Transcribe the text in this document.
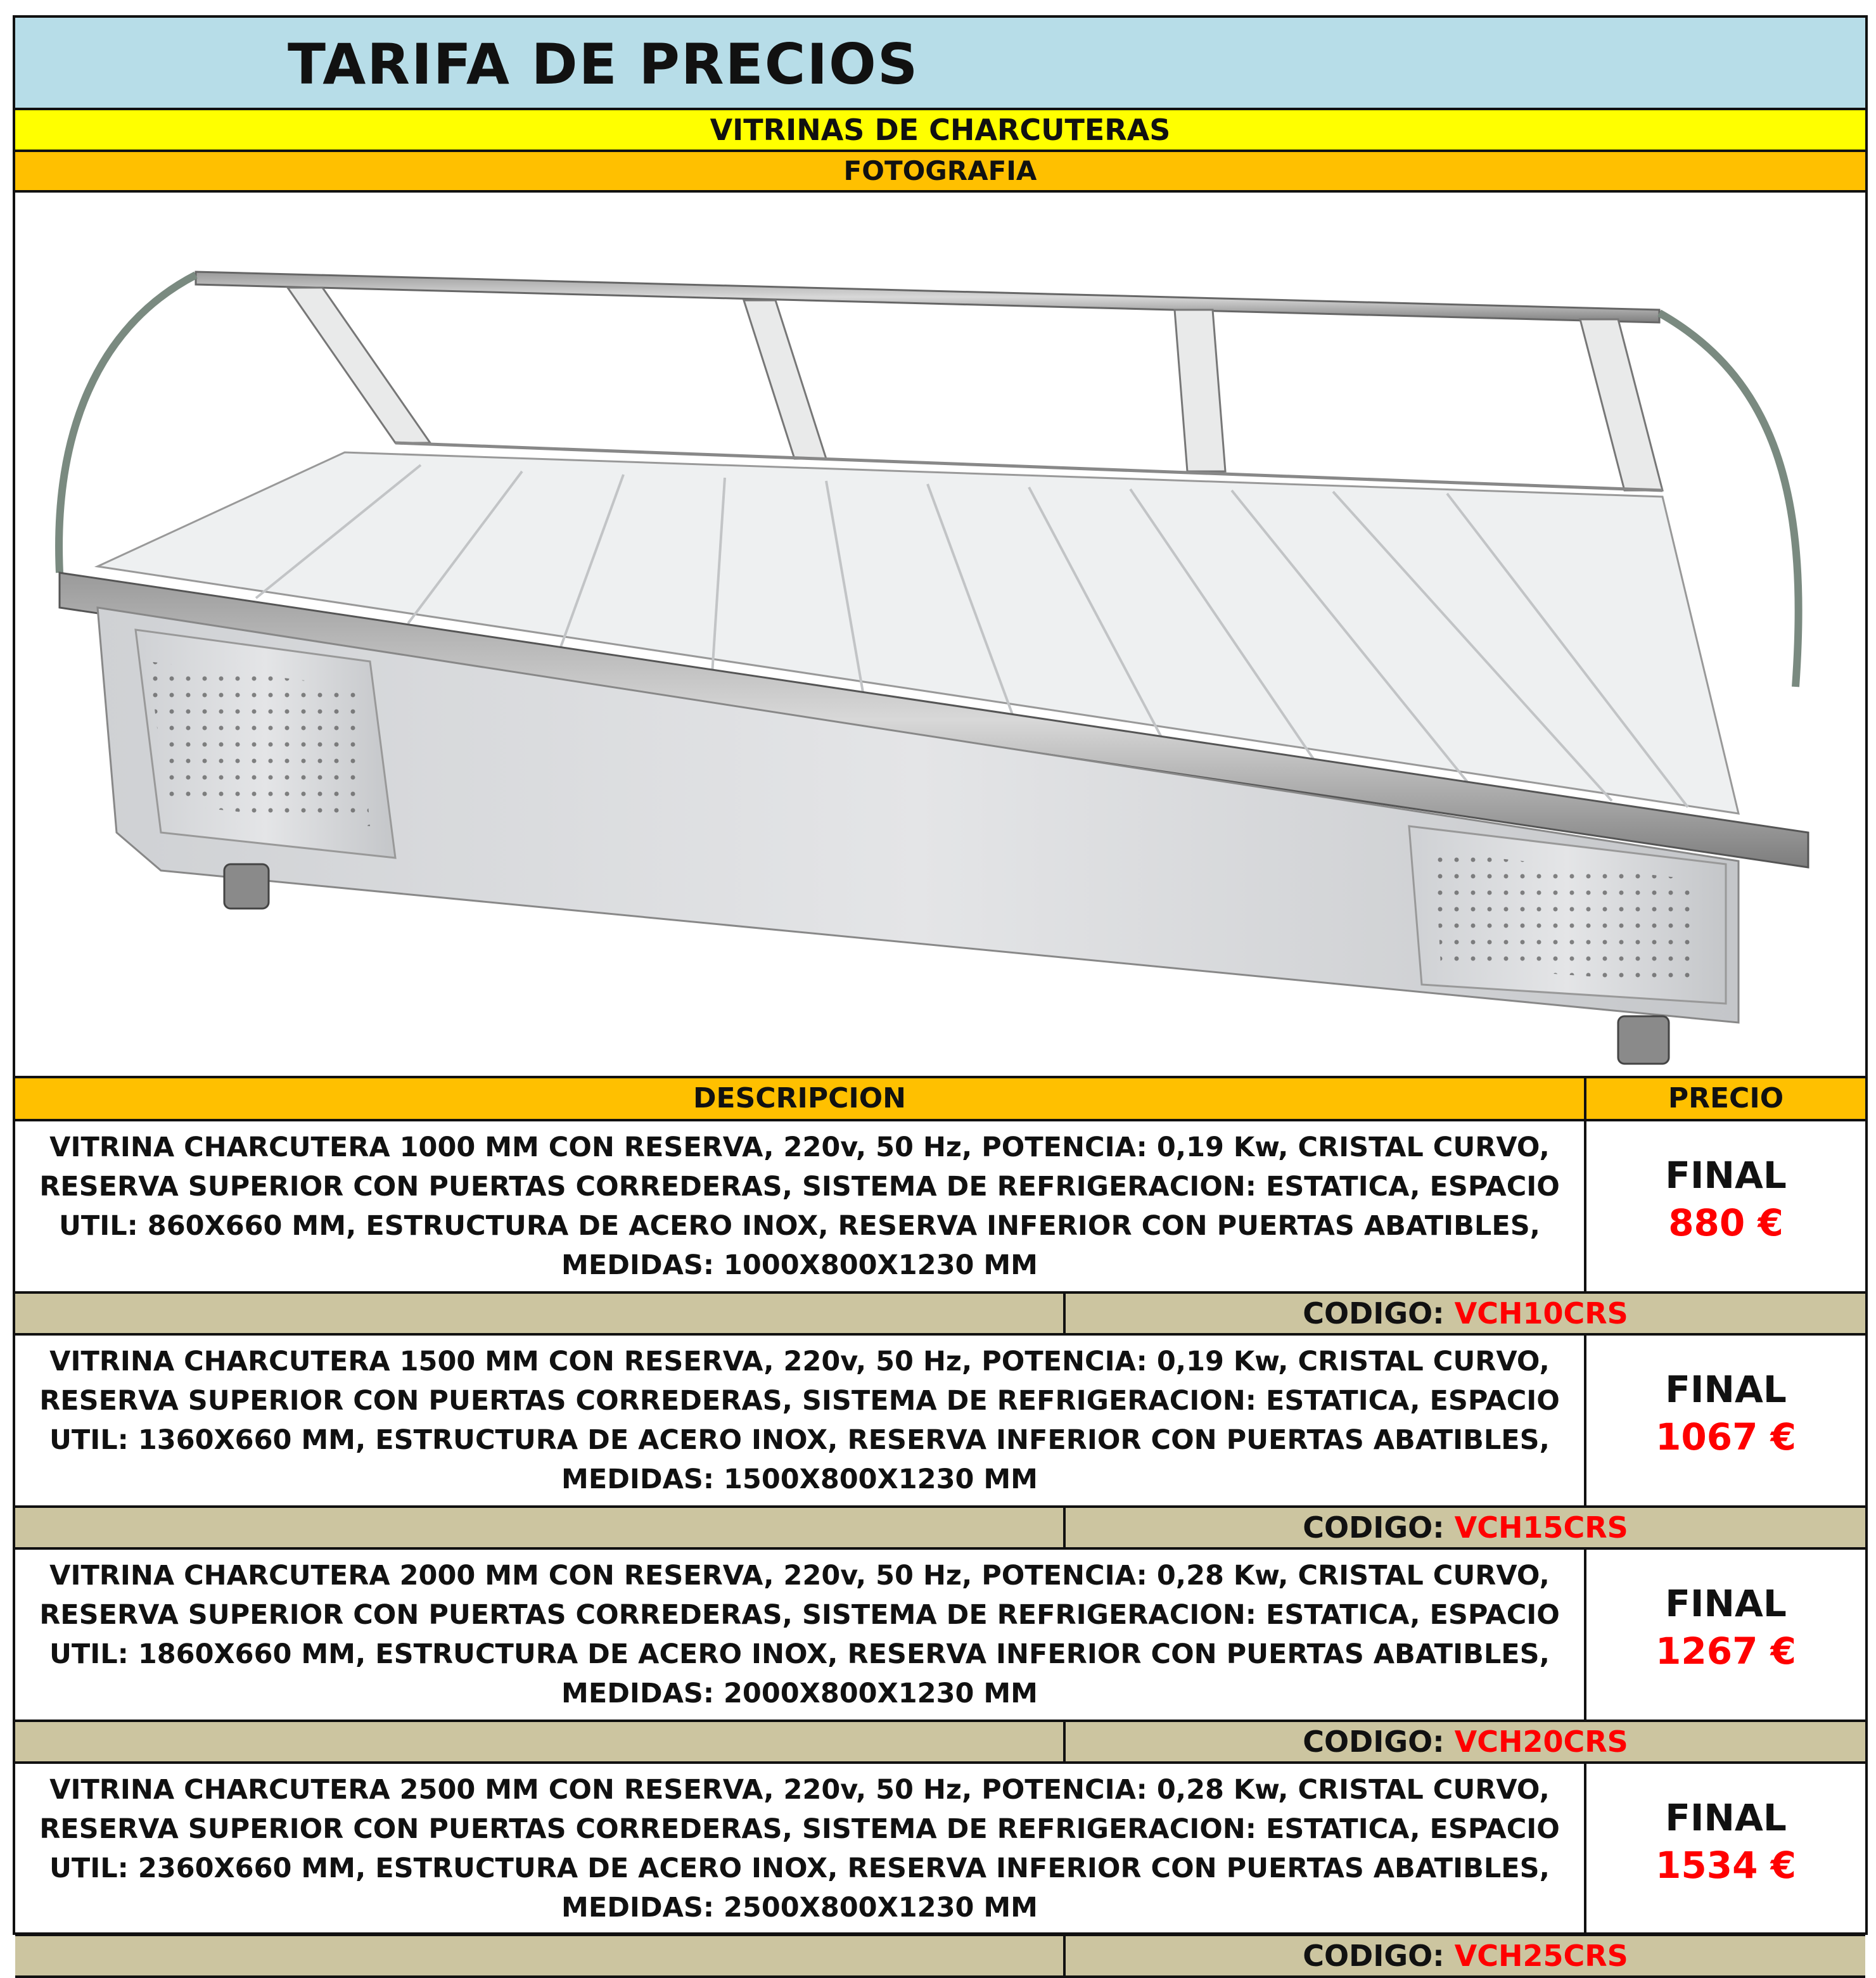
TARIFA DE PRECIOS
VITRINAS DE CHARCUTERAS
FOTOGRAFIA
DESCRIPCION	PRECIO
VITRINA CHARCUTERA 1000 MM CON RESERVA, 220v, 50 Hz, POTENCIA: 0,19 Kw, CRISTAL CURVO, RESERVA SUPERIOR CON PUERTAS CORREDERAS, SISTEMA DE REFRIGERACION: ESTATICA, ESPACIO UTIL: 860X660 MM, ESTRUCTURA DE ACERO INOX, RESERVA INFERIOR CON PUERTAS ABATIBLES, MEDIDAS: 1000X800X1230 MM
FINAL
880 €
CODIGO: VCH10CRS
VITRINA CHARCUTERA 1500 MM CON RESERVA, 220v, 50 Hz, POTENCIA: 0,19 Kw, CRISTAL CURVO, RESERVA SUPERIOR CON PUERTAS CORREDERAS, SISTEMA DE REFRIGERACION: ESTATICA, ESPACIO UTIL: 1360X660 MM, ESTRUCTURA DE ACERO INOX, RESERVA INFERIOR CON PUERTAS ABATIBLES, MEDIDAS: 1500X800X1230 MM
FINAL
1067 €
CODIGO: VCH15CRS
VITRINA CHARCUTERA 2000 MM CON RESERVA, 220v, 50 Hz, POTENCIA: 0,28 Kw, CRISTAL CURVO, RESERVA SUPERIOR CON PUERTAS CORREDERAS, SISTEMA DE REFRIGERACION: ESTATICA, ESPACIO UTIL: 1860X660 MM, ESTRUCTURA DE ACERO INOX, RESERVA INFERIOR CON PUERTAS ABATIBLES, MEDIDAS: 2000X800X1230 MM
FINAL
1267 €
CODIGO: VCH20CRS
VITRINA CHARCUTERA 2500 MM CON RESERVA, 220v, 50 Hz, POTENCIA: 0,28 Kw, CRISTAL CURVO, RESERVA SUPERIOR CON PUERTAS CORREDERAS, SISTEMA DE REFRIGERACION: ESTATICA, ESPACIO UTIL: 2360X660 MM, ESTRUCTURA DE ACERO INOX, RESERVA INFERIOR CON PUERTAS ABATIBLES, MEDIDAS: 2500X800X1230 MM
FINAL
1534 €
CODIGO: VCH25CRS
